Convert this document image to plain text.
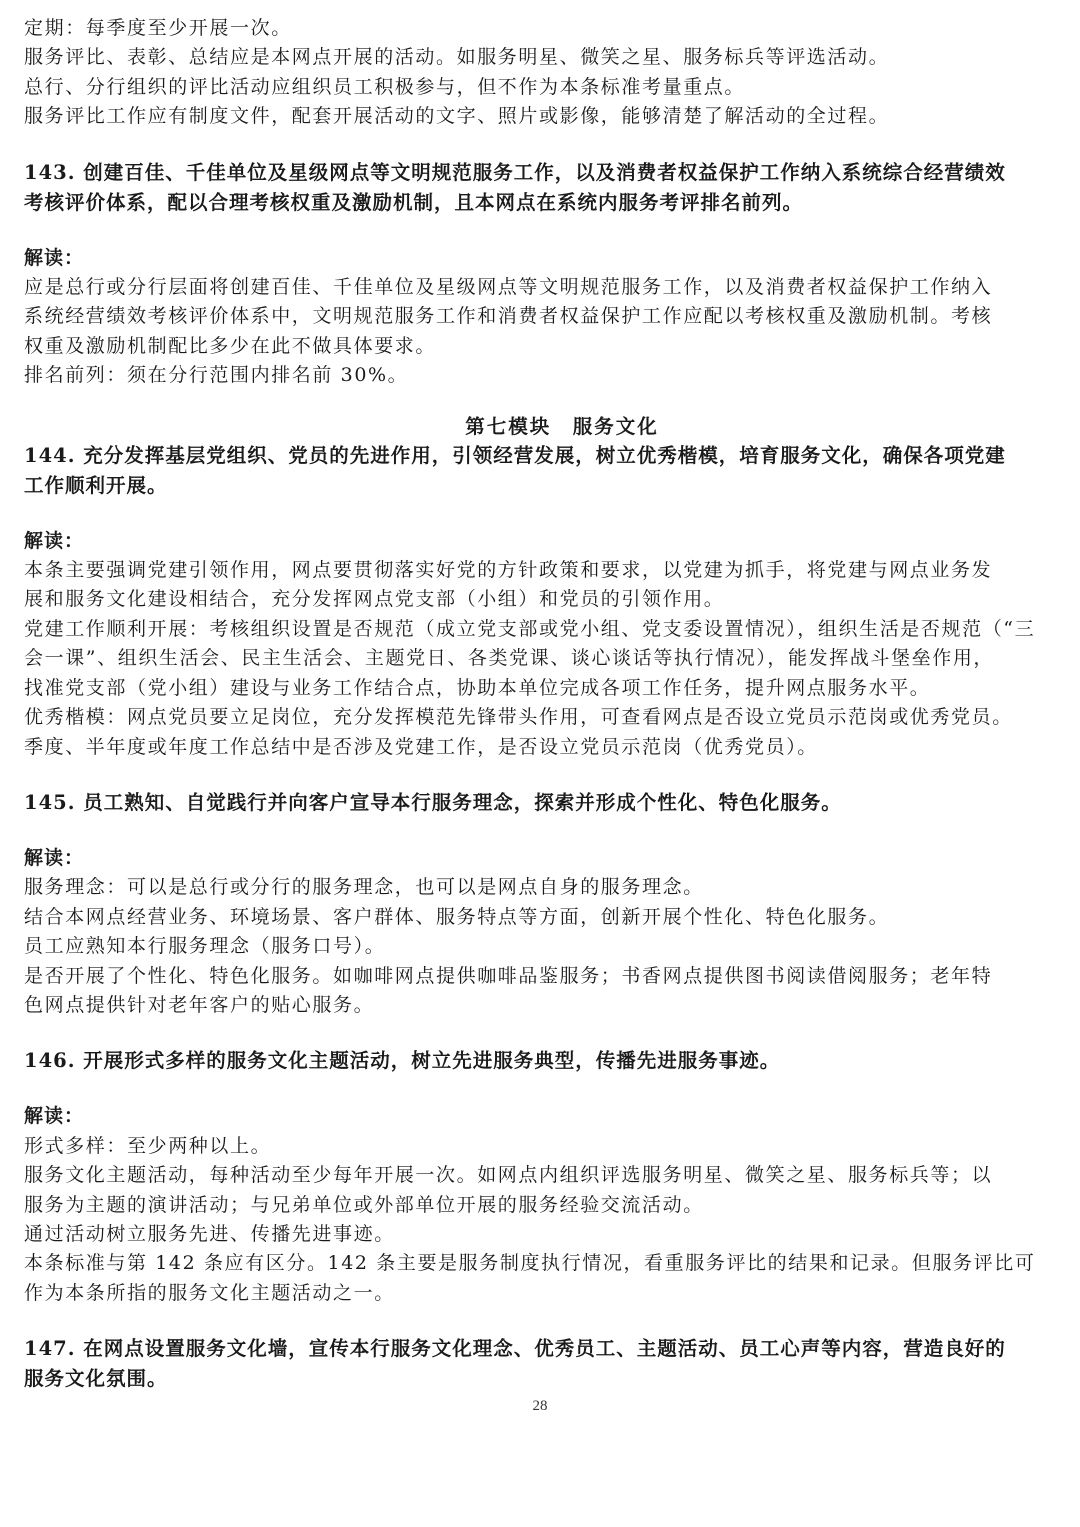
定期：每季度至少开展一次。

服务评比、表彰、总结应是本网点开展的活动。如服务明星、微笑之星、服务标兵等评选活动。

总行、分行组织的评比活动应组织员工积极参与，但不作为本条标准考量重点。

服务评比工作应有制度文件，配套开展活动的文字、照片或影像，能够清楚了解活动的全过程。

143. 创建百佳、千佳单位及星级网点等文明规范服务工作，以及消费者权益保护工作纳入系统综合经营绩效

考核评价体系，配以合理考核权重及激励机制，且本网点在系统内服务考评排名前列。

解读：

应是总行或分行层面将创建百佳、千佳单位及星级网点等文明规范服务工作，以及消费者权益保护工作纳入

系统经营绩效考核评价体系中，文明规范服务工作和消费者权益保护工作应配以考核权重及激励机制。考核

权重及激励机制配比多少在此不做具体要求。

排名前列：须在分行范围内排名前 30%。

第七模块　服务文化

144. 充分发挥基层党组织、党员的先进作用，引领经营发展，树立优秀楷模，培育服务文化，确保各项党建

工作顺利开展。

解读：

本条主要强调党建引领作用，网点要贯彻落实好党的方针政策和要求，以党建为抓手，将党建与网点业务发

展和服务文化建设相结合，充分发挥网点党支部（小组）和党员的引领作用。

党建工作顺利开展：考核组织设置是否规范（成立党支部或党小组、党支委设置情况），组织生活是否规范（“三

会一课”、组织生活会、民主生活会、主题党日、各类党课、谈心谈话等执行情况），能发挥战斗堡垒作用，

找准党支部（党小组）建设与业务工作结合点，协助本单位完成各项工作任务，提升网点服务水平。

优秀楷模：网点党员要立足岗位，充分发挥模范先锋带头作用，可查看网点是否设立党员示范岗或优秀党员。

季度、半年度或年度工作总结中是否涉及党建工作，是否设立党员示范岗（优秀党员）。

145. 员工熟知、自觉践行并向客户宣导本行服务理念，探索并形成个性化、特色化服务。

解读：

服务理念：可以是总行或分行的服务理念，也可以是网点自身的服务理念。

结合本网点经营业务、环境场景、客户群体、服务特点等方面，创新开展个性化、特色化服务。

员工应熟知本行服务理念（服务口号）。

是否开展了个性化、特色化服务。如咖啡网点提供咖啡品鉴服务；书香网点提供图书阅读借阅服务；老年特

色网点提供针对老年客户的贴心服务。

146. 开展形式多样的服务文化主题活动，树立先进服务典型，传播先进服务事迹。

解读：

形式多样：至少两种以上。

服务文化主题活动，每种活动至少每年开展一次。如网点内组织评选服务明星、微笑之星、服务标兵等；以

服务为主题的演讲活动；与兄弟单位或外部单位开展的服务经验交流活动。

通过活动树立服务先进、传播先进事迹。

本条标准与第 142 条应有区分。142 条主要是服务制度执行情况，看重服务评比的结果和记录。但服务评比可

作为本条所指的服务文化主题活动之一。

147. 在网点设置服务文化墙，宣传本行服务文化理念、优秀员工、主题活动、员工心声等内容，营造良好的

服务文化氛围。

28
